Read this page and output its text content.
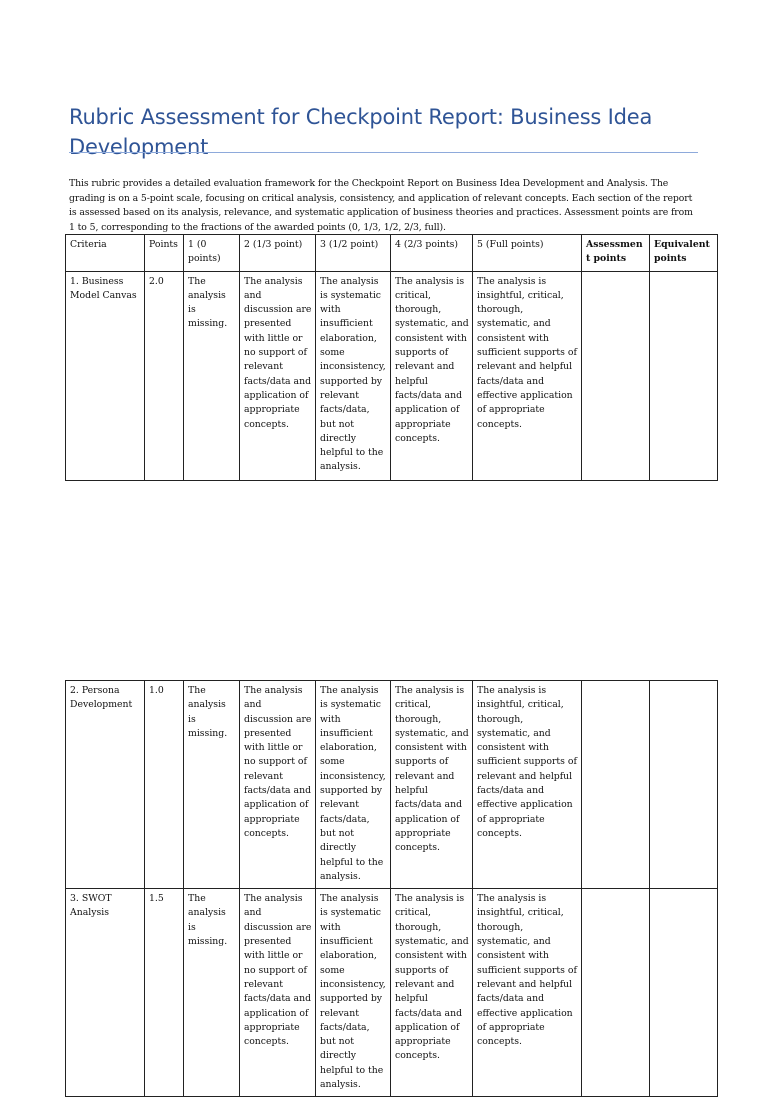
Rubric Assessment for Checkpoint Report: Business Idea Development

This rubric provides a detailed evaluation framework for the Checkpoint Report on Business Idea Development and Analysis. The grading is on a 5-point scale, focusing on critical analysis, consistency, and application of relevant concepts. Each section of the report is assessed based on its analysis, relevance, and systematic application of business theories and practices. Assessment points are from 1 to 5, corresponding to the fractions of the awarded points (0, 1/3, 1/2, 2/3, full).

Criteria	Points	1 (0 points)	2 (1/3 point)	3 (1/2 point)	4 (2/3 points)	5 (Full points)	Assessment points	Equivalent points
1. Business Model Canvas	2.0	The analysis is missing.	The analysis and discussion are presented with little or no support of relevant facts/data and application of appropriate concepts.	The analysis is systematic with insufficient elaboration, some inconsistency, supported by relevant facts/data, but not directly helpful to the analysis.	The analysis is critical, thorough, systematic, and consistent with supports of relevant and helpful facts/data and application of appropriate concepts.	The analysis is insightful, critical, thorough, systematic, and consistent with sufficient supports of relevant and helpful facts/data and effective application of appropriate concepts.		
2. Persona Development	1.0	The analysis is missing.	The analysis and discussion are presented with little or no support of relevant facts/data and application of appropriate concepts.	The analysis is systematic with insufficient elaboration, some inconsistency, supported by relevant facts/data, but not directly helpful to the analysis.	The analysis is critical, thorough, systematic, and consistent with supports of relevant and helpful facts/data and application of appropriate concepts.	The analysis is insightful, critical, thorough, systematic, and consistent with sufficient supports of relevant and helpful facts/data and effective application of appropriate concepts.		
3. SWOT Analysis	1.5	The analysis is missing.	The analysis and discussion are presented with little or no support of relevant facts/data and application of appropriate concepts.	The analysis is systematic with insufficient elaboration, some inconsistency, supported by relevant facts/data, but not directly helpful to the analysis.	The analysis is critical, thorough, systematic, and consistent with supports of relevant and helpful facts/data and application of appropriate concepts.	The analysis is insightful, critical, thorough, systematic, and consistent with sufficient supports of relevant and helpful facts/data and effective application of appropriate concepts.		
